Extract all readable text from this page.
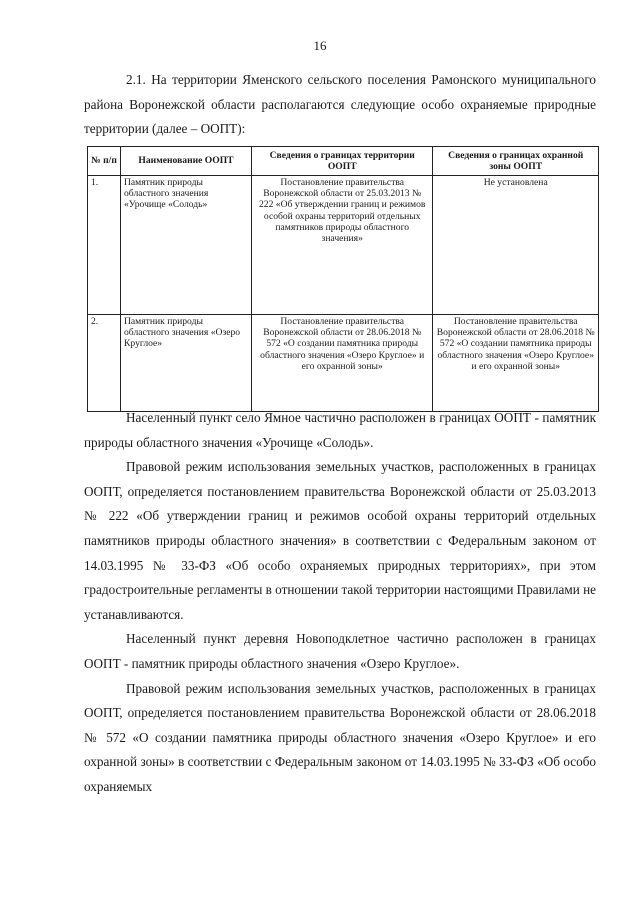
16

2.1. На территории Яменского сельского поселения Рамонского муниципального района Воронежской области располагаются следующие особо охраняемые природные территории (далее – ООПТ):

№ п/п	Наименование ООПТ	Сведения о границах территории ООПТ	Сведения о границах охранной зоны ООПТ
1.	Памятник природы областного значения «Урочище «Солодь»	Постановление правительства Воронежской области от 25.03.2013 № 222 «Об утверждении границ и режимов особой охраны территорий отдельных памятников природы областного значения»	Не установлена
2.	Памятник природы областного значения «Озеро Круглое»	Постановление правительства Воронежской области от 28.06.2018 № 572 «О создании памятника природы областного значения «Озеро Круглое» и его охранной зоны»	Постановление правительства Воронежской области от 28.06.2018 № 572 «О создании памятника природы областного значения «Озеро Круглое» и его охранной зоны»

Населенный пункт село Ямное частично расположен в границах ООПТ - памятник природы областного значения «Урочище «Солодь».

Правовой режим использования земельных участков, расположенных в границах ООПТ, определяется постановлением правительства Воронежской области от 25.03.2013 № 222 «Об утверждении границ и режимов особой охраны территорий отдельных памятников природы областного значения» в соответствии с Федеральным законом от 14.03.1995 № 33-ФЗ «Об особо охраняемых природных территориях», при этом градостроительные регламенты в отношении такой территории настоящими Правилами не устанавливаются.

Населенный пункт деревня Новоподклетное частично расположен в границах ООПТ - памятник природы областного значения «Озеро Круглое».

Правовой режим использования земельных участков, расположенных в границах ООПТ, определяется постановлением правительства Воронежской области от 28.06.2018 № 572 «О создании памятника природы областного значения «Озеро Круглое» и его охранной зоны» в соответствии с Федеральным законом от 14.03.1995 № 33-ФЗ «Об особо охраняемых
